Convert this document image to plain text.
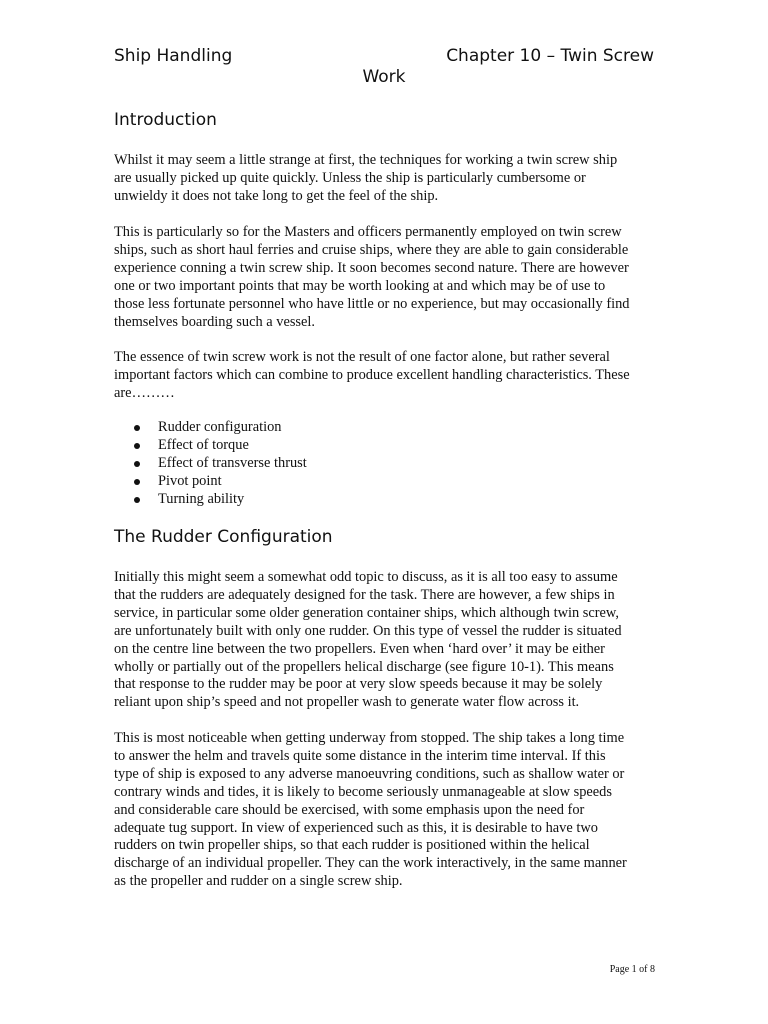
Ship Handling	Chapter 10 – Twin Screw
Work
Introduction
Whilst it may seem a little strange at first, the techniques for working a twin screw ship
are usually picked up quite quickly. Unless the ship is particularly cumbersome or
unwieldy it does not take long to get the feel of the ship.
This is particularly so for the Masters and officers permanently employed on twin screw
ships, such as short haul ferries and cruise ships, where they are able to gain considerable
experience conning a twin screw ship. It soon becomes second nature. There are however
one or two important points that may be worth looking at and which may be of use to
those less fortunate personnel who have little or no experience, but may occasionally find
themselves boarding such a vessel.
The essence of twin screw work is not the result of one factor alone, but rather several
important factors which can combine to produce excellent handling characteristics. These
are………
Rudder configuration
Effect of torque
Effect of transverse thrust
Pivot point
Turning ability
The Rudder Configuration
Initially this might seem a somewhat odd topic to discuss, as it is all too easy to assume
that the rudders are adequately designed for the task. There are however, a few ships in
service, in particular some older generation container ships, which although twin screw,
are unfortunately built with only one rudder. On this type of vessel the rudder is situated
on the centre line between the two propellers. Even when ‘hard over’ it may be either
wholly or partially out of the propellers helical discharge (see figure 10-1). This means
that response to the rudder may be poor at very slow speeds because it may be solely
reliant upon ship’s speed and not propeller wash to generate water flow across it.
This is most noticeable when getting underway from stopped. The ship takes a long time
to answer the helm and travels quite some distance in the interim time interval. If this
type of ship is exposed to any adverse manoeuvring conditions, such as shallow water or
contrary winds and tides, it is likely to become seriously unmanageable at slow speeds
and considerable care should be exercised, with some emphasis upon the need for
adequate tug support. In view of experienced such as this, it is desirable to have two
rudders on twin propeller ships, so that each rudder is positioned within the helical
discharge of an individual propeller. They can the work interactively, in the same manner
as the propeller and rudder on a single screw ship.
Page 1 of 8
